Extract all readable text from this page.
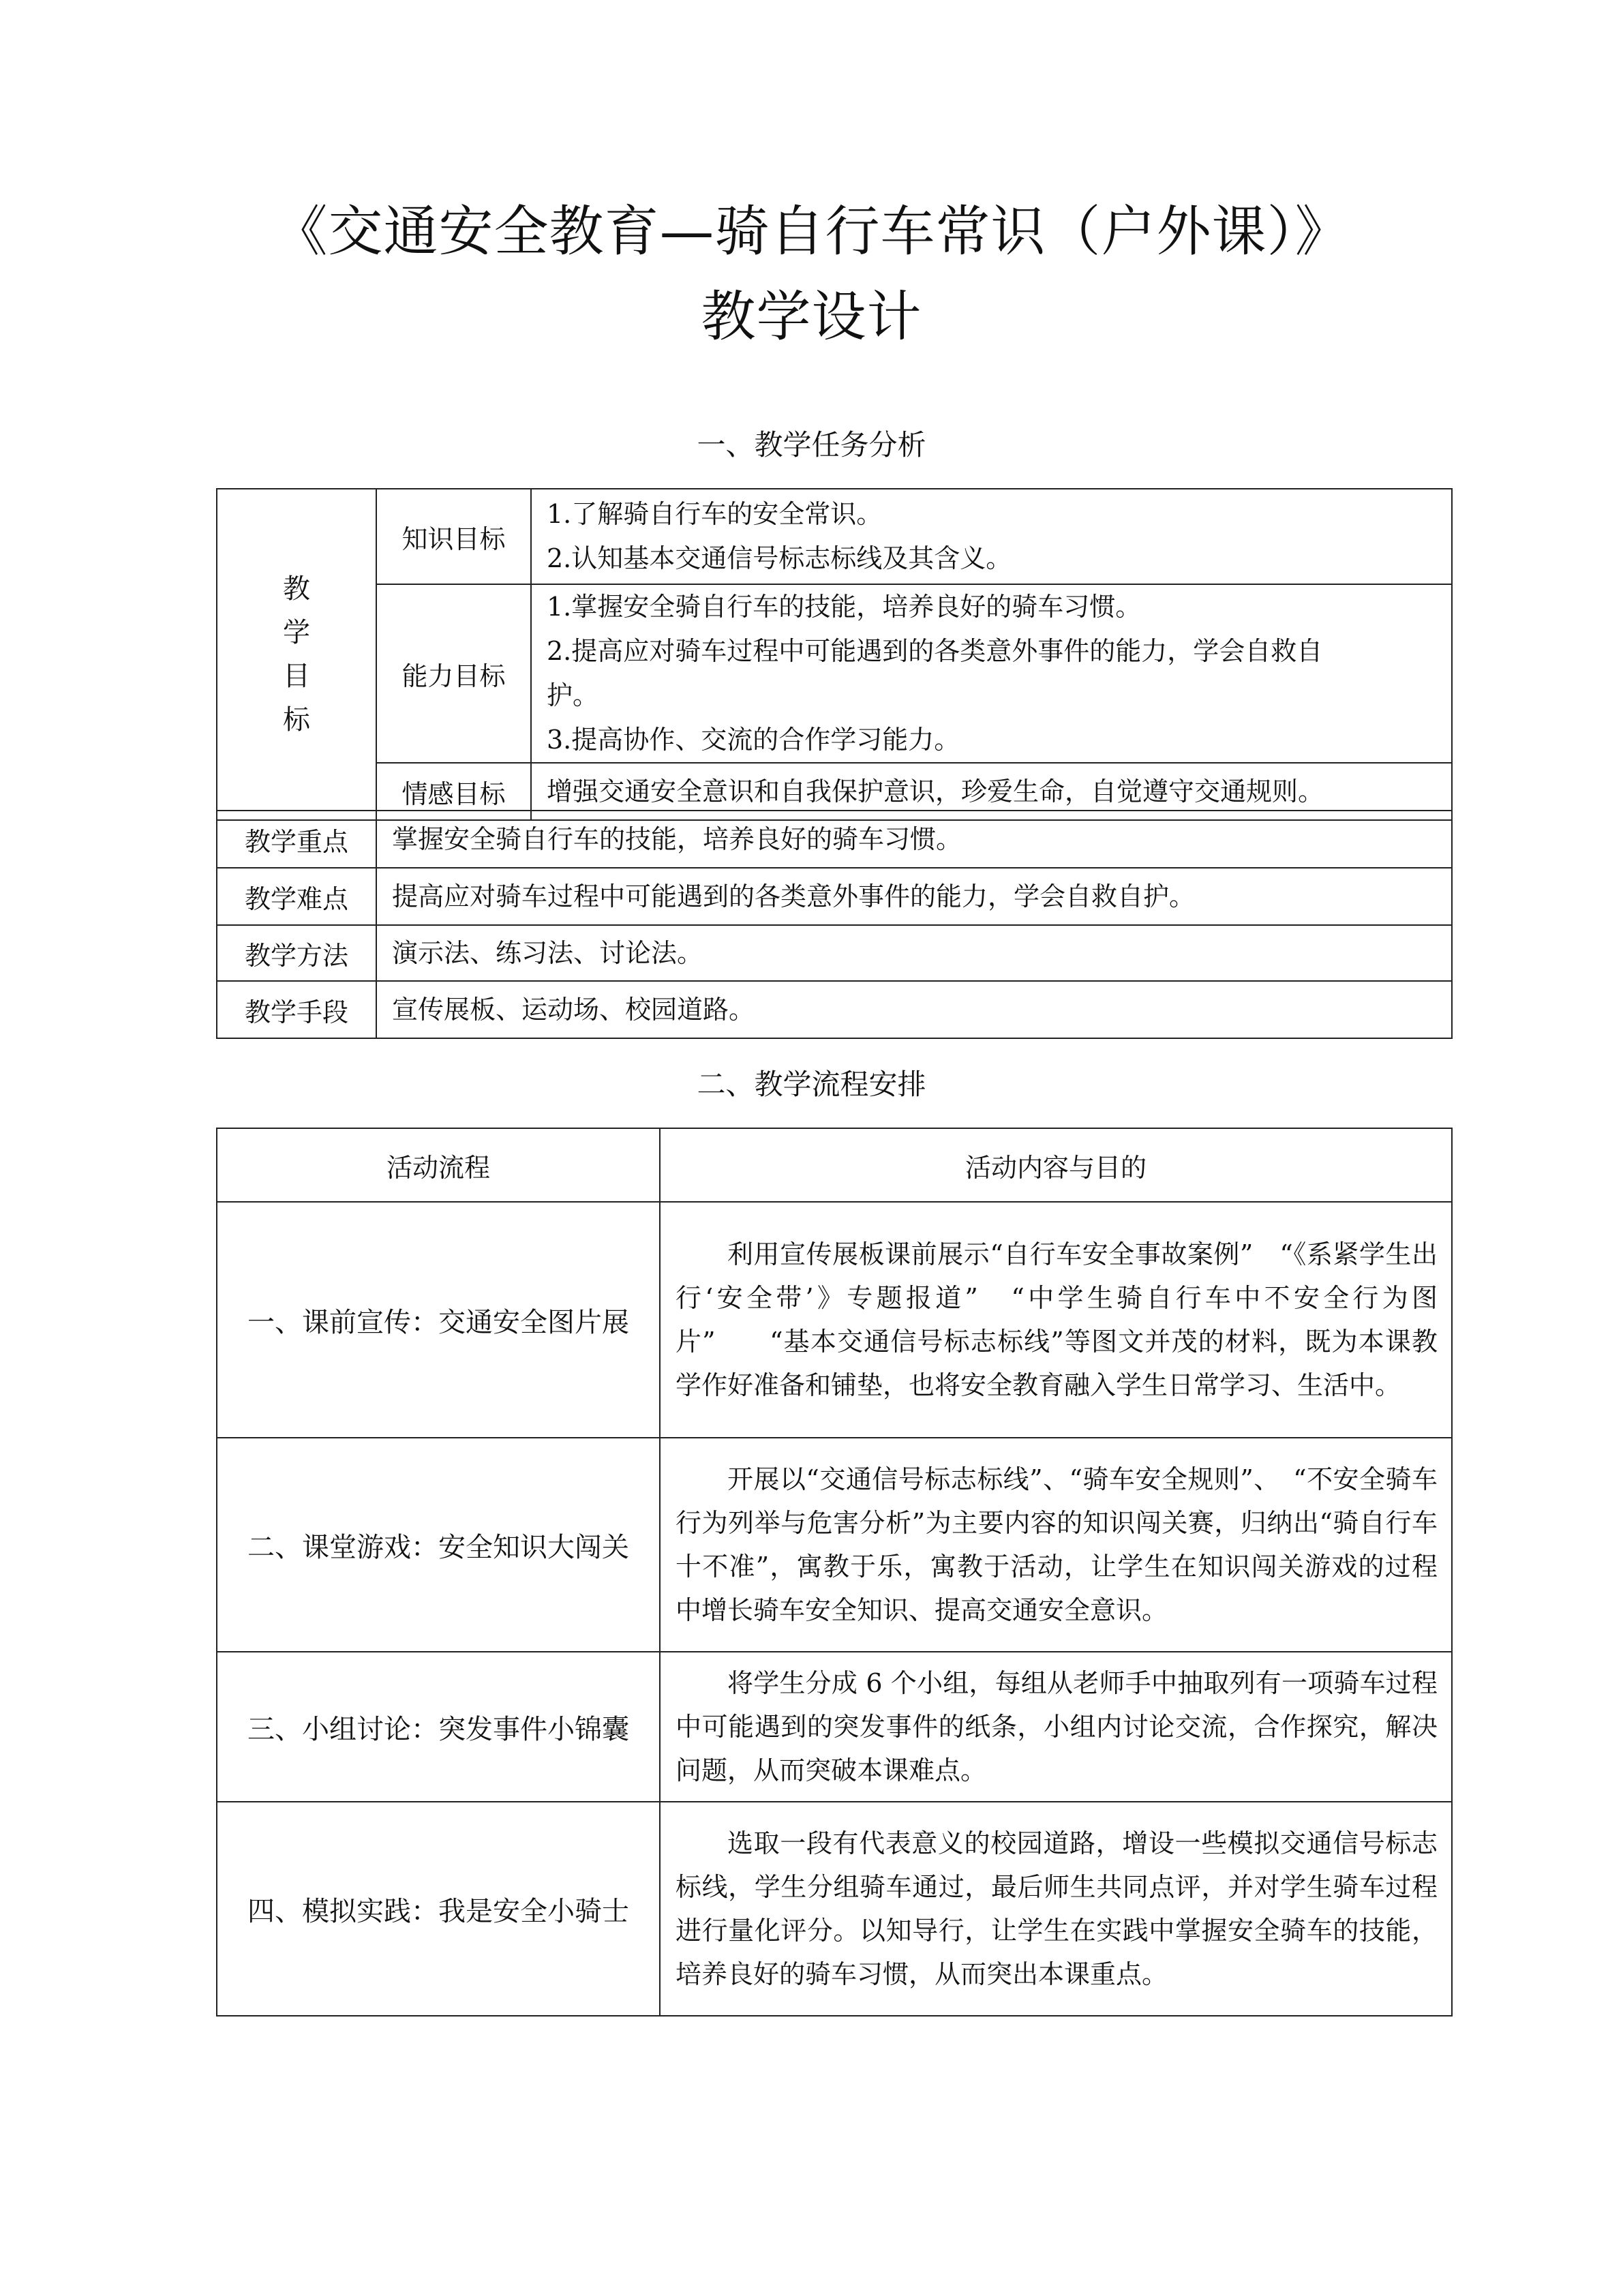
《交通安全教育—骑自行车常识（户外课）》
教学设计
一、教学任务分析
教
学
目
标	知识目标	1.了解骑自行车的安全常识。
2.认知基本交通信号标志标线及其含义。

	能力目标	1.掌握安全骑自行车的技能，培养良好的骑车习惯。
2.提高应对骑车过程中可能遇到的各类意外事件的能力，学会自救自
护。
3.提高协作、交流的合作学习能力。

	情感目标	增强交通安全意识和自我保护意识，珍爱生命，自觉遵守交通规则。
教学重点	掌握安全骑自行车的技能，培养良好的骑车习惯。
教学难点	提高应对骑车过程中可能遇到的各类意外事件的能力，学会自救自护。
教学方法	演示法、练习法、讨论法。
教学手段	宣传展板、运动场、校园道路。
二、教学流程安排
活动流程	活动内容与目的
一、课前宣传：交通安全图片展	利用宣传展板课前展示“自行车安全事故案例”　“《系紧学生出行‘安全带’》专题报道”　“中学生骑自行车中不安全行为图片”　　“基本交通信号标志标线”等图文并茂的材料，既为本课教学作好准备和铺垫，也将安全教育融入学生日常学习、生活中。
二、课堂游戏：安全知识大闯关	开展以“交通信号标志标线”、“骑车安全规则”、　“不安全骑车行为列举与危害分析”为主要内容的知识闯关赛，归纳出“骑自行车十不准”，寓教于乐，寓教于活动，让学生在知识闯关游戏的过程中增长骑车安全知识、提高交通安全意识。
三、小组讨论：突发事件小锦囊	将学生分成 6 个小组，每组从老师手中抽取列有一项骑车过程中可能遇到的突发事件的纸条，小组内讨论交流，合作探究，解决问题，从而突破本课难点。
四、模拟实践：我是安全小骑士	选取一段有代表意义的校园道路，增设一些模拟交通信号标志标线，学生分组骑车通过，最后师生共同点评，并对学生骑车过程进行量化评分。以知导行，让学生在实践中掌握安全骑车的技能，培养良好的骑车习惯，从而突出本课重点。
